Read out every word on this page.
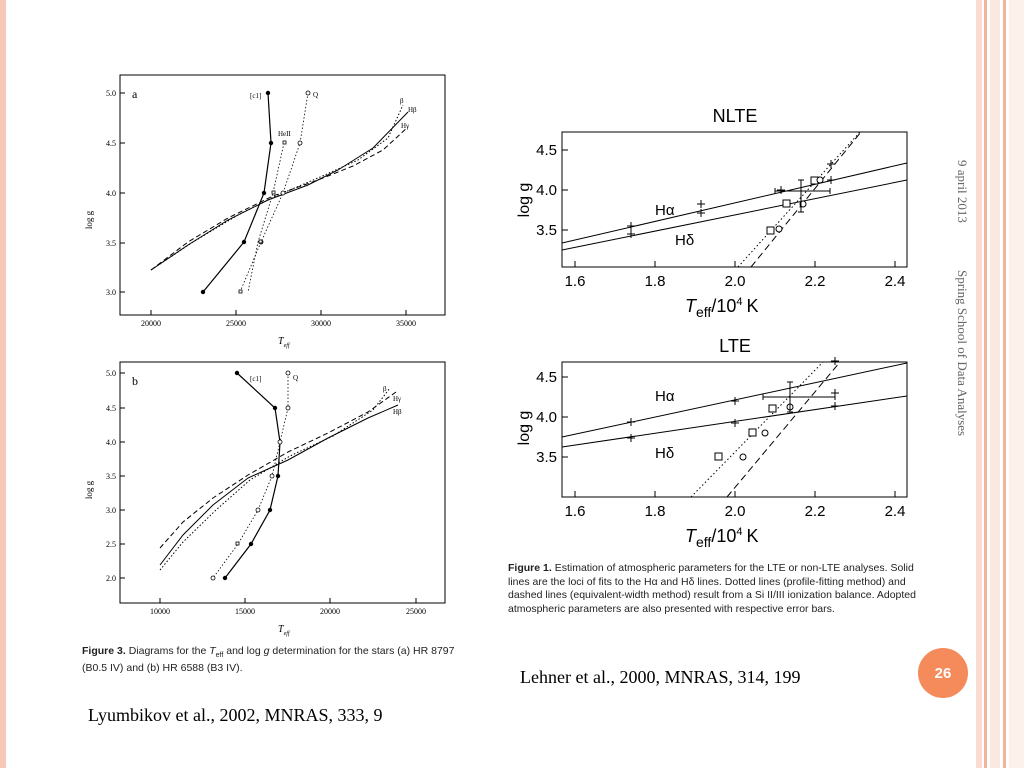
9 april 2013
Spring School of Data Analyses
5.0
4.5
4.0
3.5
3.0
20000	25000	30000	35000
a
log g
$T_{eff}$
[c1]	Q
HeII
β
Hβ
Hγ
5.0
4.5
4.0
3.5
3.0
2.5
2.0
10000	15000	20000	25000
b
log g
$T_{eff}$
[c1]	Q
β
Hγ
Hβ
Figure 3. Diagrams for the $T_{eff}$ and log g determination for the stars (a) HR 8797 (B0.5 IV) and (b) HR 6588 (B3 IV).
NLTE
4.5
4.0
3.5
1.6	1.8	2.0	2.2	2.4
log g
$T_{eff}/10^4$ K
Hα
Hδ
LTE
4.5
4.0
3.5
1.6	1.8	2.0	2.2	2.4
log g
$T_{eff}/10^4$ K
Hα
Hδ
Figure 1. Estimation of atmospheric parameters for the LTE or non-LTE analyses. Solid lines are the loci of fits to the Hα and Hδ lines. Dotted lines (profile-fitting method) and dashed lines (equivalent-width method) result from a Si II/III ionization balance. Adopted atmospheric parameters are also presented with respective error bars.
Lehner et al., 2000, MNRAS, 314, 199
Lyumbikov et al., 2002, MNRAS, 333, 9
26
